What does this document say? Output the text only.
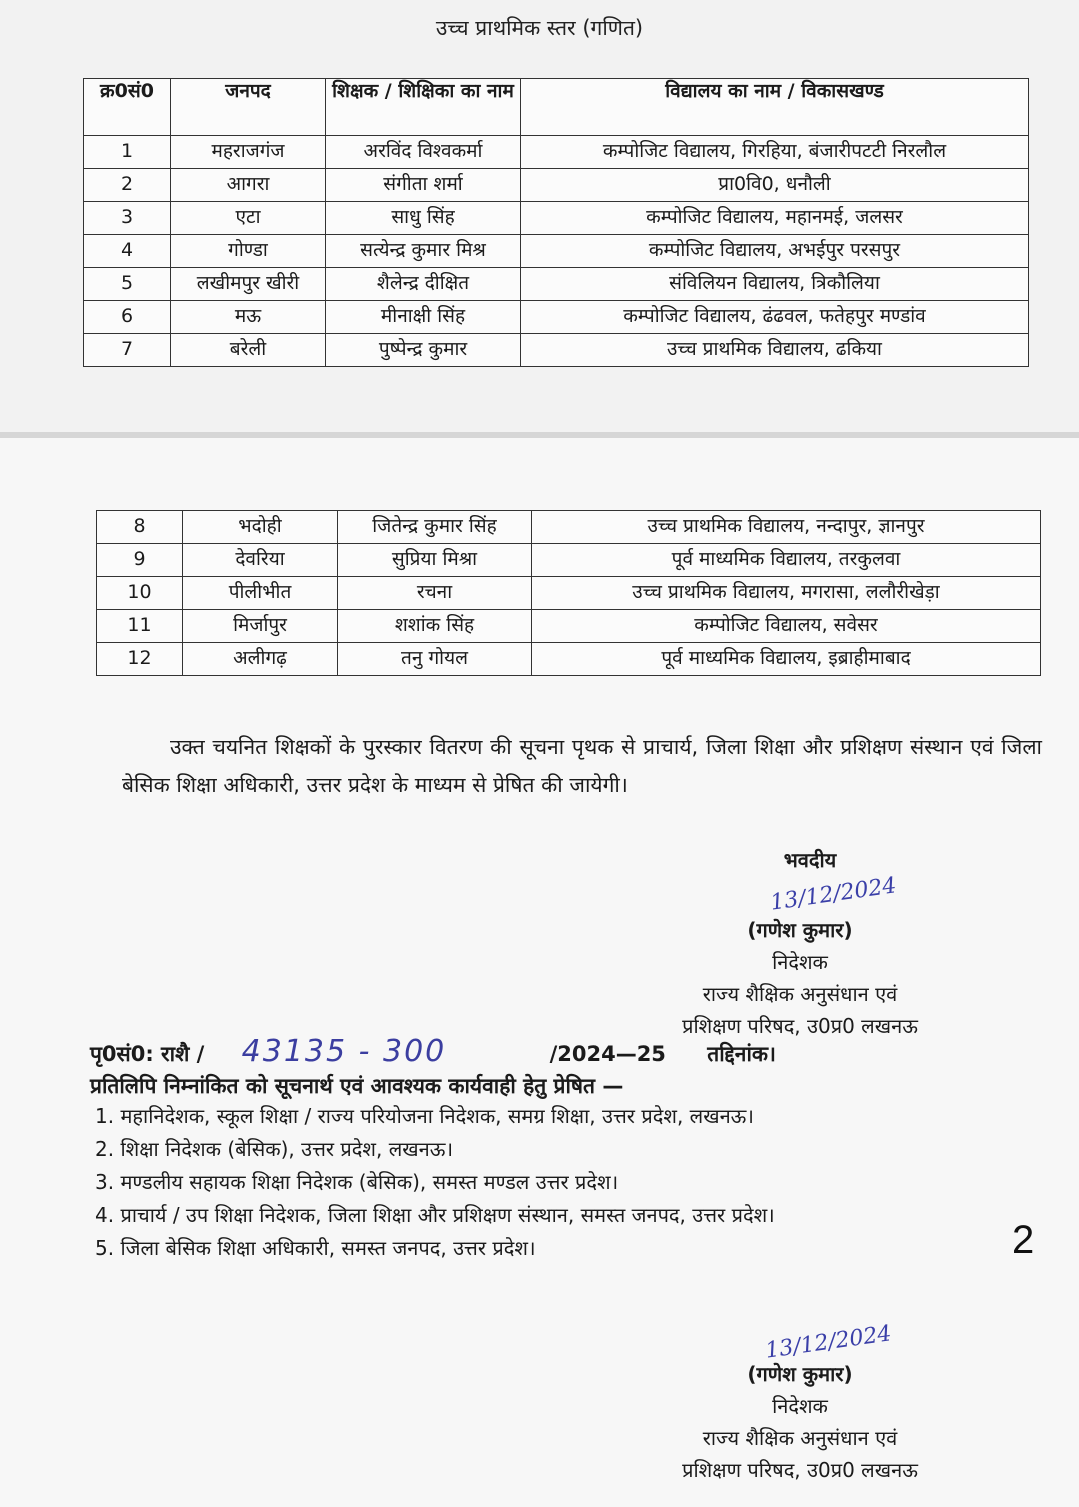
उच्च प्राथमिक स्तर (गणित)
क्र0सं0	जनपद	शिक्षक / शिक्षिका का नाम	विद्यालय का नाम / विकासखण्ड
1	महराजगंज	अरविंद विश्वकर्मा	कम्पोजिट विद्यालय, गिरहिया, बंजारीपटटी निरलौल
2	आगरा	संगीता शर्मा	प्रा0वि0, धनौली
3	एटा	साधु सिंह	कम्पोजिट विद्यालय, महानमई, जलसर
4	गोण्डा	सत्येन्द्र कुमार मिश्र	कम्पोजिट विद्यालय, अभईपुर परसपुर
5	लखीमपुर खीरी	शैलेन्द्र दीक्षित	संविलियन विद्यालय, त्रिकौलिया
6	मऊ	मीनाक्षी सिंह	कम्पोजिट विद्यालय, ढंढवल, फतेहपुर मण्डांव
7	बरेली	पुष्पेन्द्र कुमार	उच्च प्राथमिक विद्यालय, ढकिया
8	भदोही	जितेन्द्र कुमार सिंह	उच्च प्राथमिक विद्यालय, नन्दापुर, ज्ञानपुर
9	देवरिया	सुप्रिया मिश्रा	पूर्व माध्यमिक विद्यालय, तरकुलवा
10	पीलीभीत	रचना	उच्च प्राथमिक विद्यालय, मगरासा, ललौरीखेड़ा
11	मिर्जापुर	शशांक सिंह	कम्पोजिट विद्यालय, सवेसर
12	अलीगढ़	तनु गोयल	पूर्व माध्यमिक विद्यालय, इब्राहीमाबाद
उक्त चयनित शिक्षकों के पुरस्कार वितरण की सूचना पृथक से प्राचार्य, जिला शिक्षा और प्रशिक्षण संस्थान एवं जिला बेसिक शिक्षा अधिकारी, उत्तर प्रदेश के माध्यम से प्रेषित की जायेगी।
भवदीय
13/12/2024
(गणेश कुमार)
निदेशक
राज्य शैक्षिक अनुसंधान एवं
प्रशिक्षण परिषद, उ0प्र0 लखनऊ
पृ0सं0: राशै / 43135 - 300	/2024—25 तद्दिनांक।
प्रतिलिपि निम्नांकित को सूचनार्थ एवं आवश्यक कार्यवाही हेतु प्रेषित —
1. महानिदेशक, स्कूल शिक्षा / राज्य परियोजना निदेशक, समग्र शिक्षा, उत्तर प्रदेश, लखनऊ।
2. शिक्षा निदेशक (बेसिक), उत्तर प्रदेश, लखनऊ।
3. मण्डलीय सहायक शिक्षा निदेशक (बेसिक), समस्त मण्डल उत्तर प्रदेश।
4. प्राचार्य / उप शिक्षा निदेशक, जिला शिक्षा और प्रशिक्षण संस्थान, समस्त जनपद, उत्तर प्रदेश।
5. जिला बेसिक शिक्षा अधिकारी, समस्त जनपद, उत्तर प्रदेश।	2
13/12/2024
(गणेश कुमार)
निदेशक
राज्य शैक्षिक अनुसंधान एवं
प्रशिक्षण परिषद, उ0प्र0 लखनऊ
